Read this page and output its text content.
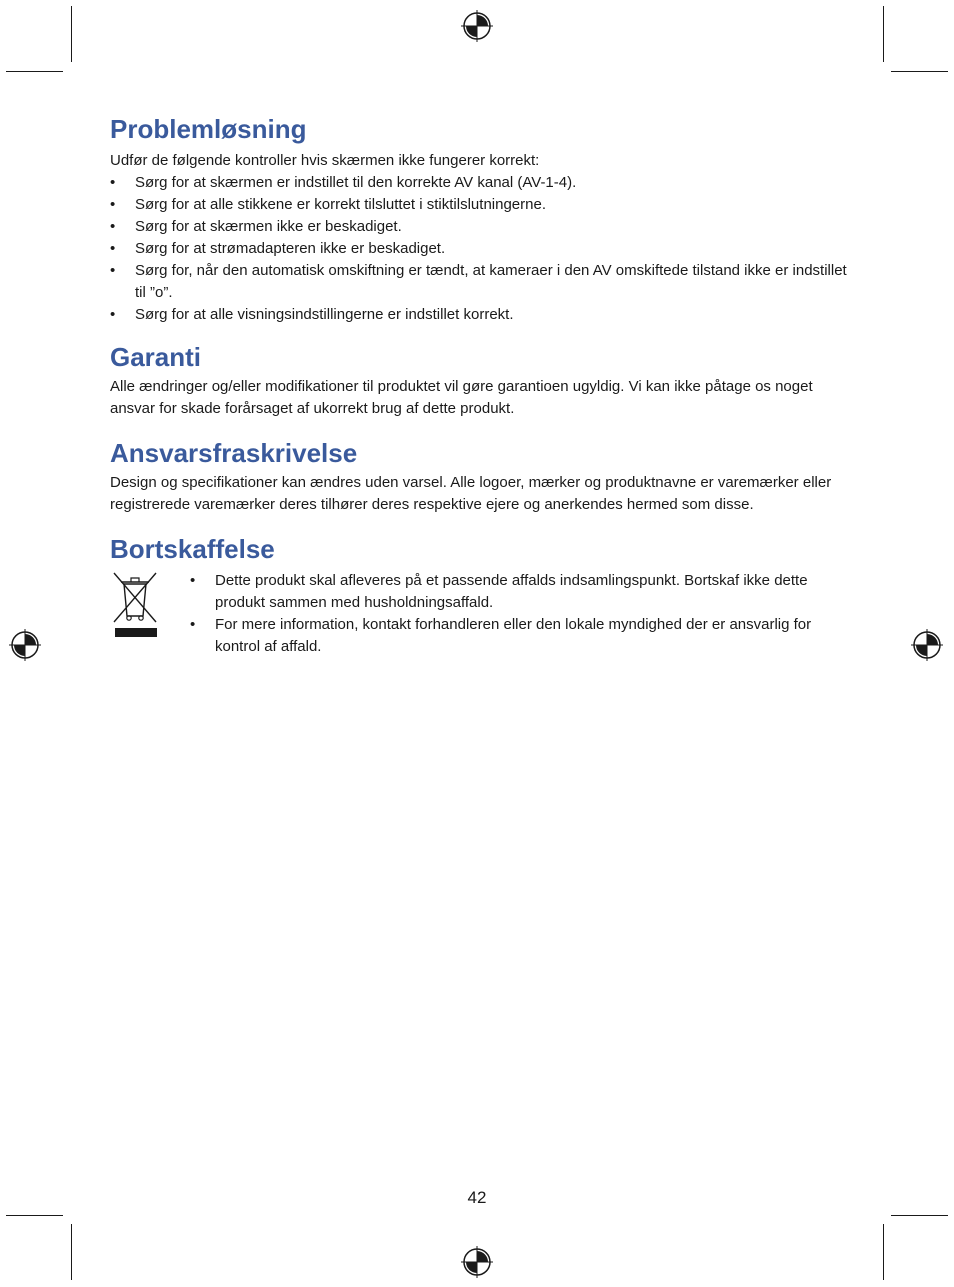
Problemløsning

Udfør de følgende kontroller hvis skærmen ikke fungerer korrekt:

• Sørg for at skærmen er indstillet til den korrekte AV kanal (AV-1-4).
• Sørg for at alle stikkene er korrekt tilsluttet i stiktilslutningerne.
• Sørg for at skærmen ikke er beskadiget.
• Sørg for at strømadapteren ikke er beskadiget.
• Sørg for, når den automatisk omskiftning er tændt, at kameraer i den AV omskiftede tilstand ikke er indstillet til ”ο”.
• Sørg for at alle visningsindstillingerne er indstillet korrekt.
Garanti

Alle ændringer og/eller modifikationer til produktet vil gøre garantioen ugyldig. Vi kan ikke påtage os noget ansvar for skade forårsaget af ukorrekt brug af dette produkt.

Ansvarsfraskrivelse

Design og specifikationer kan ændres uden varsel. Alle logoer, mærker og produktnavne er varemærker eller registrerede varemærker deres tilhører deres respektive ejere og anerkendes hermed som disse.

Bortskaffelse
• Dette produkt skal afleveres på et passende affalds indsamlingspunkt. Bortskaf ikke dette produkt sammen med husholdningsaffald.
• For mere information, kontakt forhandleren eller den lokale myndighed der er ansvarlig for kontrol af affald.
42
